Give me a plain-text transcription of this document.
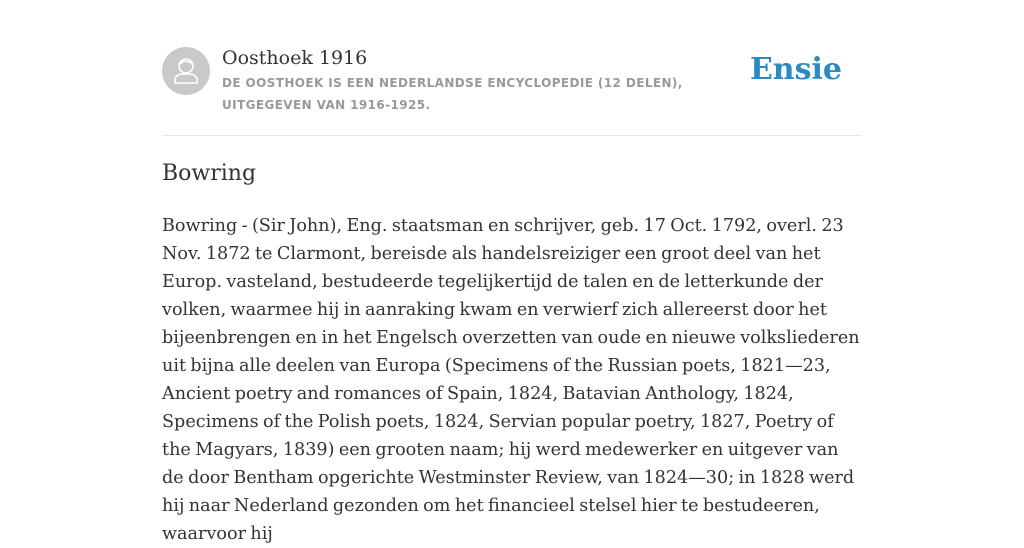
Oosthoek 1916
DE OOSTHOEK IS EEN NEDERLANDSE ENCYCLOPEDIE (12 DELEN), UITGEGEVEN VAN 1916-1925.
Ensie
Bowring

Bowring - (Sir John), Eng. staatsman en schrijver, geb. 17 Oct. 1792, overl. 23 Nov. 1872 te Clarmont, bereisde als handelsreiziger een groot deel van het Europ. vasteland, bestudeerde tegelijkertijd de talen en de letterkunde der volken, waarmee hij in aanraking kwam en verwierf zich allereerst door het bijeenbrengen en in het Engelsch overzetten van oude en nieuwe volksliederen uit bijna alle deelen van Europa (Specimens of the Russian poets, 1821—23, Ancient poetry and romances of Spain, 1824, Batavian Anthology, 1824, Specimens of the Polish poets, 1824, Servian popular poetry, 1827, Poetry of the Magyars, 1839) een grooten naam; hij werd medewerker en uitgever van de door Bentham opgerichte Westminster Review, van 1824—30; in 1828 werd hij naar Nederland gezonden om het financieel stelsel hier te bestudeeren, waarvoor hij
